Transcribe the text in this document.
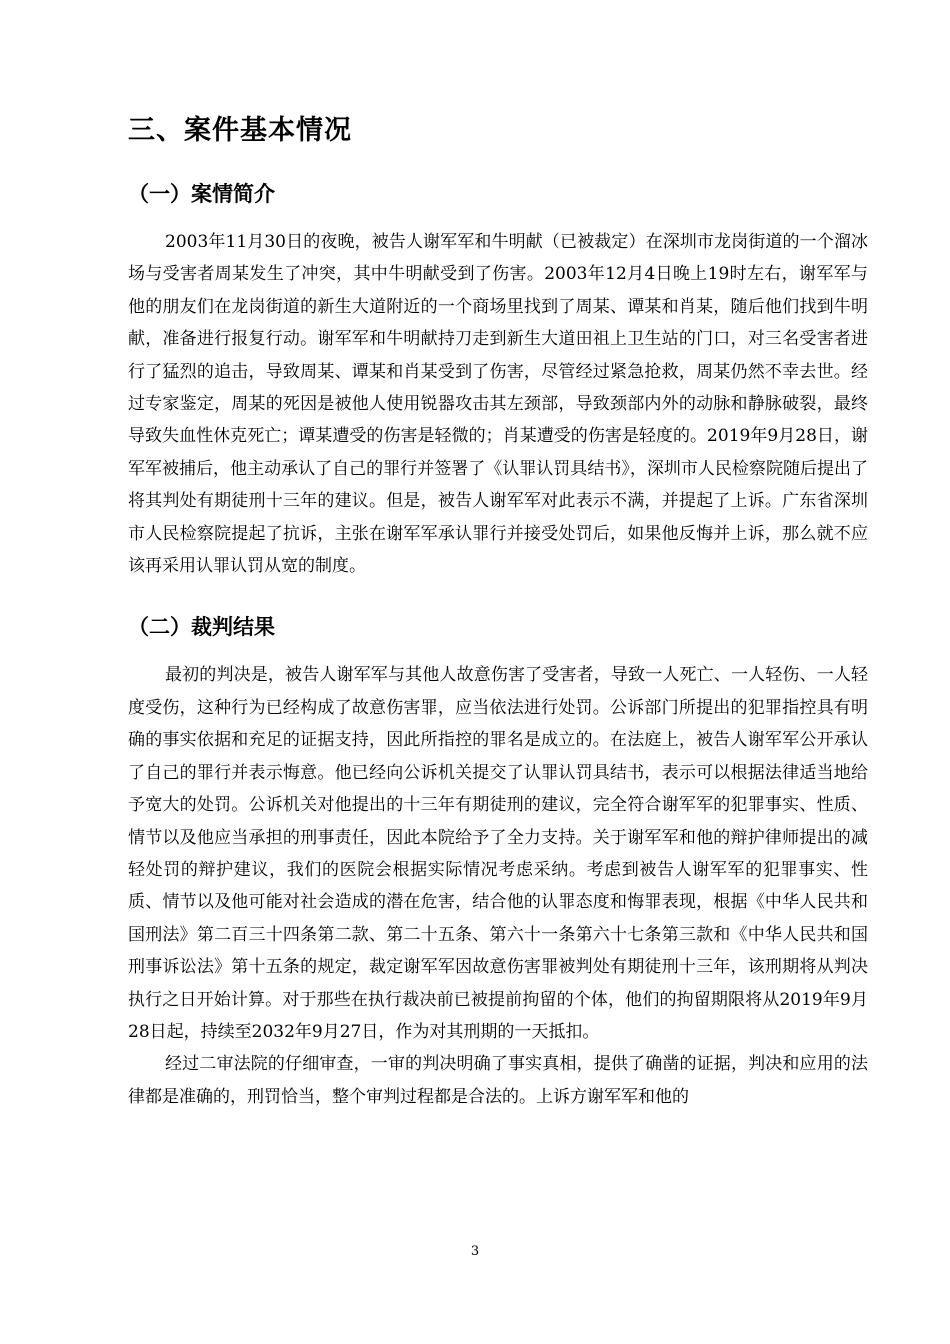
三、案件基本情况
（一）案情简介

2003年11月30日的夜晚，被告人谢军军和牛明献（已被裁定）在深圳市龙岗街道的一个溜冰场与受害者周某发生了冲突，其中牛明献受到了伤害。2003年12月4日晚上19时左右，谢军军与他的朋友们在龙岗街道的新生大道附近的一个商场里找到了周某、谭某和肖某，随后他们找到牛明献，准备进行报复行动。谢军军和牛明献持刀走到新生大道田祖上卫生站的门口，对三名受害者进行了猛烈的追击，导致周某、谭某和肖某受到了伤害，尽管经过紧急抢救，周某仍然不幸去世。经过专家鉴定，周某的死因是被他人使用锐器攻击其左颈部，导致颈部内外的动脉和静脉破裂，最终导致失血性休克死亡；谭某遭受的伤害是轻微的；肖某遭受的伤害是轻度的。2019年9月28日，谢军军被捕后，他主动承认了自己的罪行并签署了《认罪认罚具结书》，深圳市人民检察院随后提出了将其判处有期徒刑十三年的建议。但是，被告人谢军军对此表示不满，并提起了上诉。广东省深圳市人民检察院提起了抗诉，主张在谢军军承认罪行并接受处罚后，如果他反悔并上诉，那么就不应该再采用认罪认罚从宽的制度。

（二）裁判结果

最初的判决是，被告人谢军军与其他人故意伤害了受害者，导致一人死亡、一人轻伤、一人轻度受伤，这种行为已经构成了故意伤害罪，应当依法进行处罚。公诉部门所提出的犯罪指控具有明确的事实依据和充足的证据支持，因此所指控的罪名是成立的。在法庭上，被告人谢军军公开承认了自己的罪行并表示悔意。他已经向公诉机关提交了认罪认罚具结书，表示可以根据法律适当地给予宽大的处罚。公诉机关对他提出的十三年有期徒刑的建议，完全符合谢军军的犯罪事实、性质、情节以及他应当承担的刑事责任，因此本院给予了全力支持。关于谢军军和他的辩护律师提出的减轻处罚的辩护建议，我们的医院会根据实际情况考虑采纳。考虑到被告人谢军军的犯罪事实、性质、情节以及他可能对社会造成的潜在危害，结合他的认罪态度和悔罪表现，根据《中华人民共和国刑法》第二百三十四条第二款、第二十五条、第六十一条第六十七条第三款和《中华人民共和国刑事诉讼法》第十五条的规定，裁定谢军军因故意伤害罪被判处有期徒刑十三年，该刑期将从判决执行之日开始计算。对于那些在执行裁决前已被提前拘留的个体，他们的拘留期限将从2019年9月28日起，持续至2032年9月27日，作为对其刑期的一天抵扣。

经过二审法院的仔细审查，一审的判决明确了事实真相，提供了确凿的证据，判决和应用的法律都是准确的，刑罚恰当，整个审判过程都是合法的。上诉方谢军军和他的

3
